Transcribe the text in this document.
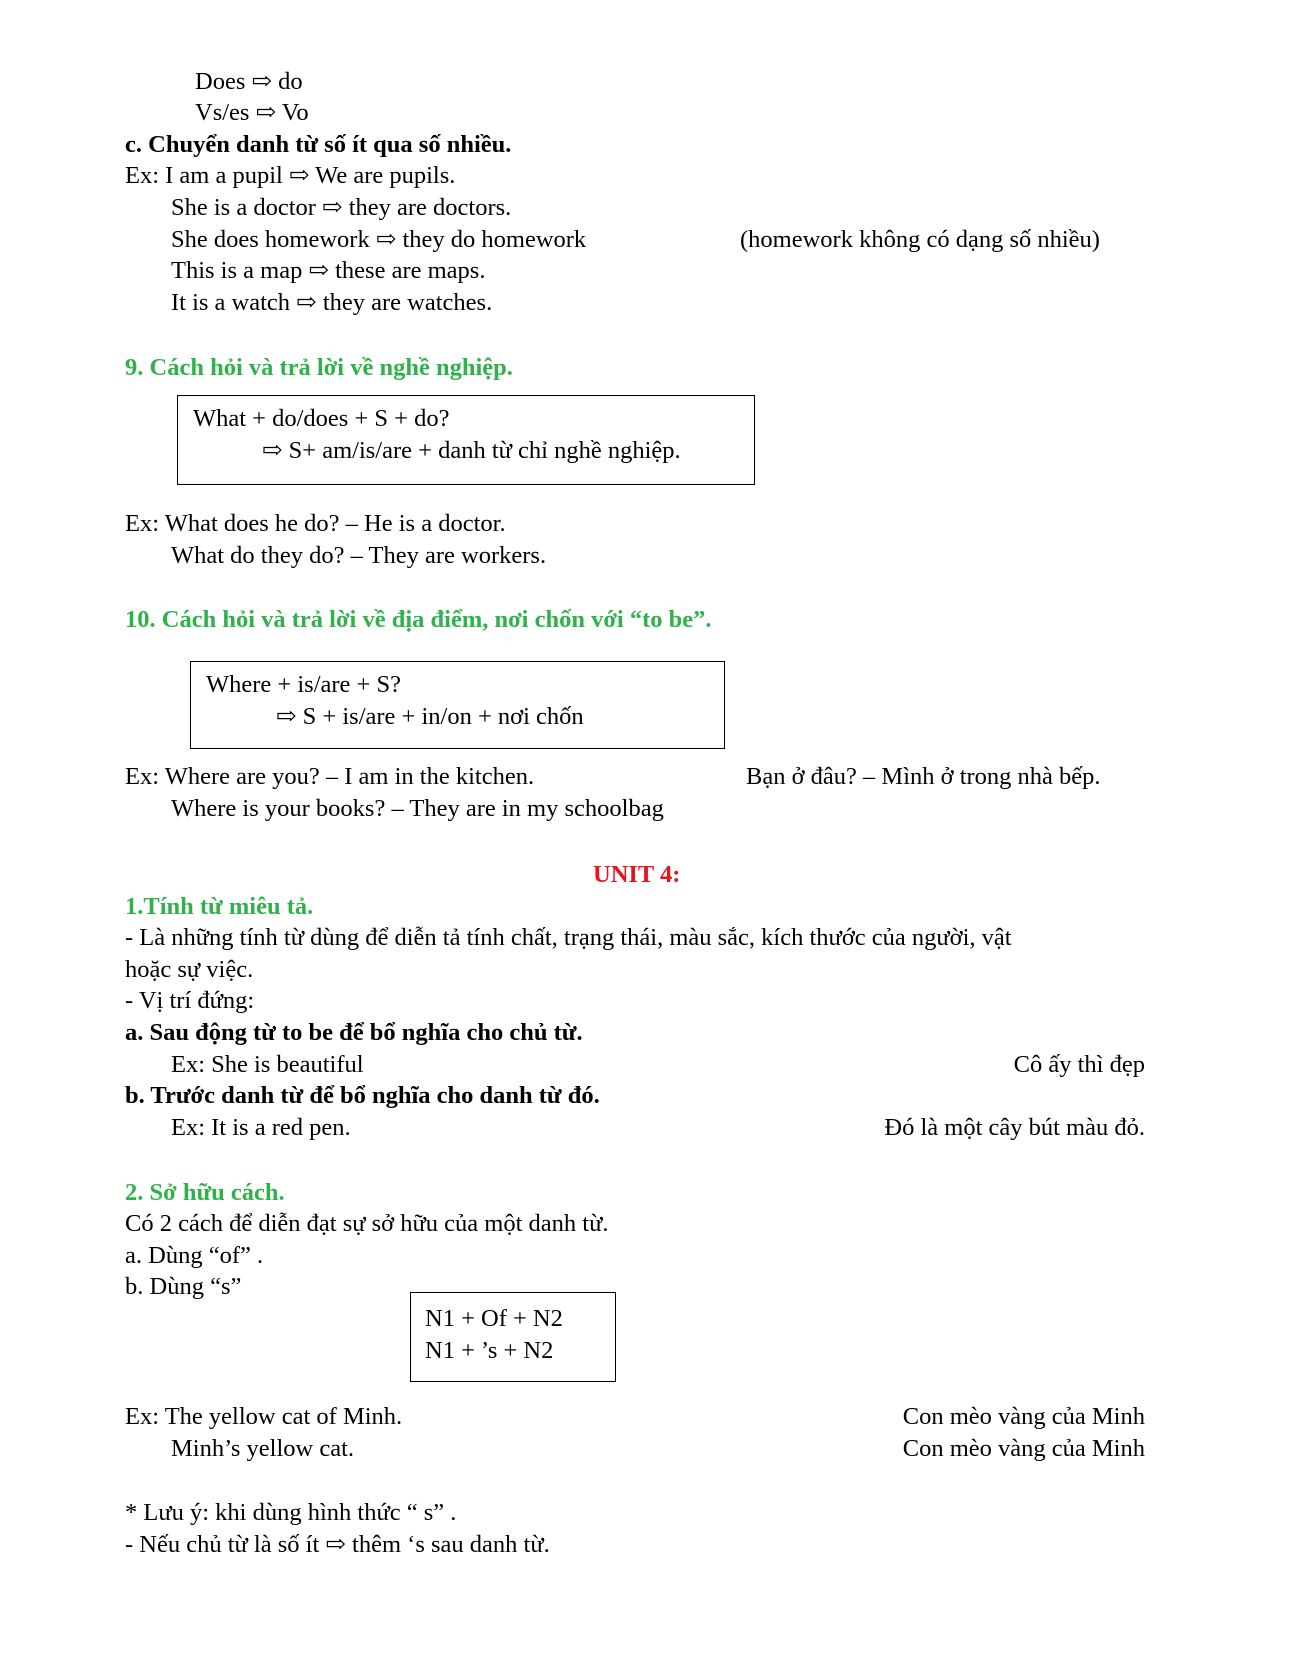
Does ⇨ do
Vs/es ⇨ Vo
c. Chuyển danh từ số ít qua số nhiều.
Ex: I am a pupil ⇨ We are pupils.
She is a doctor ⇨ they are doctors.
She does homework ⇨ they do homework	(homework không có dạng số nhiều)
This is a map ⇨ these are maps.
It is a watch ⇨ they are watches.
9. Cách hỏi và trả lời về nghề nghiệp.
What + do/does + S + do?
⇨ S+ am/is/are + danh từ chỉ nghề nghiệp.
Ex: What does he do? – He is a doctor.
What do they do? – They are workers.
10. Cách hỏi và trả lời về địa điểm, nơi chốn với “to be”.
Where + is/are + S?
⇨ S + is/are + in/on + nơi chốn
Ex: Where are you? – I am in the kitchen.	Bạn ở đâu? – Mình ở trong nhà bếp.
Where is your books? – They are in my schoolbag
UNIT 4:
1.Tính từ miêu tả.
- Là những tính từ dùng để diễn tả tính chất, trạng thái, màu sắc, kích thước của người, vật
hoặc sự việc.
- Vị trí đứng:
a. Sau động từ to be để bổ nghĩa cho chủ từ.
Ex: She is beautiful	Cô ấy thì đẹp
b. Trước danh từ để bổ nghĩa cho danh từ đó.
Ex: It is a red pen.	Đó là một cây bút màu đỏ.
2. Sở hữu cách.
Có 2 cách để diễn đạt sự sở hữu của một danh từ.
a. Dùng “of” .
b. Dùng “s”
N1 + Of + N2
N1 + ’s + N2
Ex: The yellow cat of Minh.	Con mèo vàng của Minh
Minh’s yellow cat.	Con mèo vàng của Minh
* Lưu ý: khi dùng hình thức “ s” .
- Nếu chủ từ là số ít ⇨ thêm ‘s sau danh từ.
